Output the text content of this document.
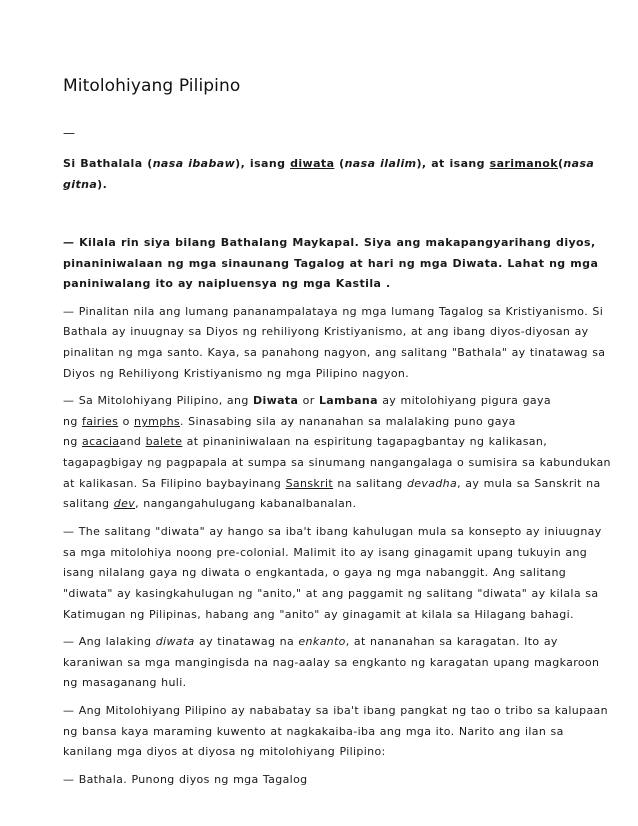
Mitolohiyang Pilipino
—
Si Bathalala (nasa ibabaw), isang diwata (nasa ilalim), at isang sarimanok(nasa
gitna).
— Kilala rin siya bilang Bathalang Maykapal. Siya ang makapangyarihang diyos,
pinaniniwalaan ng mga sinaunang Tagalog at hari ng mga Diwata. Lahat ng mga
paniniwalang ito ay naipluensya ng mga Kastila .
— Pinalitan nila ang lumang pananampalataya ng mga lumang Tagalog sa Kristiyanismo. Si
Bathala ay inuugnay sa Diyos ng rehiliyong Kristiyanismo, at ang ibang diyos-diyosan ay
pinalitan ng mga santo. Kaya, sa panahong nagyon, ang salitang "Bathala" ay tinatawag sa
Diyos ng Rehiliyong Kristiyanismo ng mga Pilipino nagyon.
— Sa Mitolohiyang Pilipino, ang Diwata or Lambana ay mitolohiyang pigura gaya
ng fairies o nymphs. Sinasabing sila ay nananahan sa malalaking puno gaya
ng acaciaand balete at pinaniniwalaan na espiritung tagapagbantay ng kalikasan,
tagapagbigay ng pagpapala at sumpa sa sinumang nangangalaga o sumisira sa kabundukan
at kalikasan. Sa Filipino baybayinang Sanskrit na salitang devadha, ay mula sa Sanskrit na
salitang dev, nangangahulugang kabanalbanalan.
— The salitang "diwata" ay hango sa iba't ibang kahulugan mula sa konsepto ay iniuugnay
sa mga mitolohiya noong pre-colonial. Malimit ito ay isang ginagamit upang tukuyin ang
isang nilalang gaya ng diwata o engkantada, o gaya ng mga nabanggit. Ang salitang
"diwata" ay kasingkahulugan ng "anito," at ang paggamit ng salitang "diwata" ay kilala sa
Katimugan ng Pilipinas, habang ang "anito" ay ginagamit at kilala sa Hilagang bahagi.
— Ang lalaking diwata ay tinatawag na enkanto, at nananahan sa karagatan. Ito ay
karaniwan sa mga mangingisda na nag-aalay sa engkanto ng karagatan upang magkaroon
ng masaganang huli.
— Ang Mitolohiyang Pilipino ay nababatay sa iba't ibang pangkat ng tao o tribo sa kalupaan
ng bansa kaya maraming kuwento at nagkakaiba-iba ang mga ito. Narito ang ilan sa
kanilang mga diyos at diyosa ng mitolohiyang Pilipino:
— Bathala. Punong diyos ng mga Tagalog
